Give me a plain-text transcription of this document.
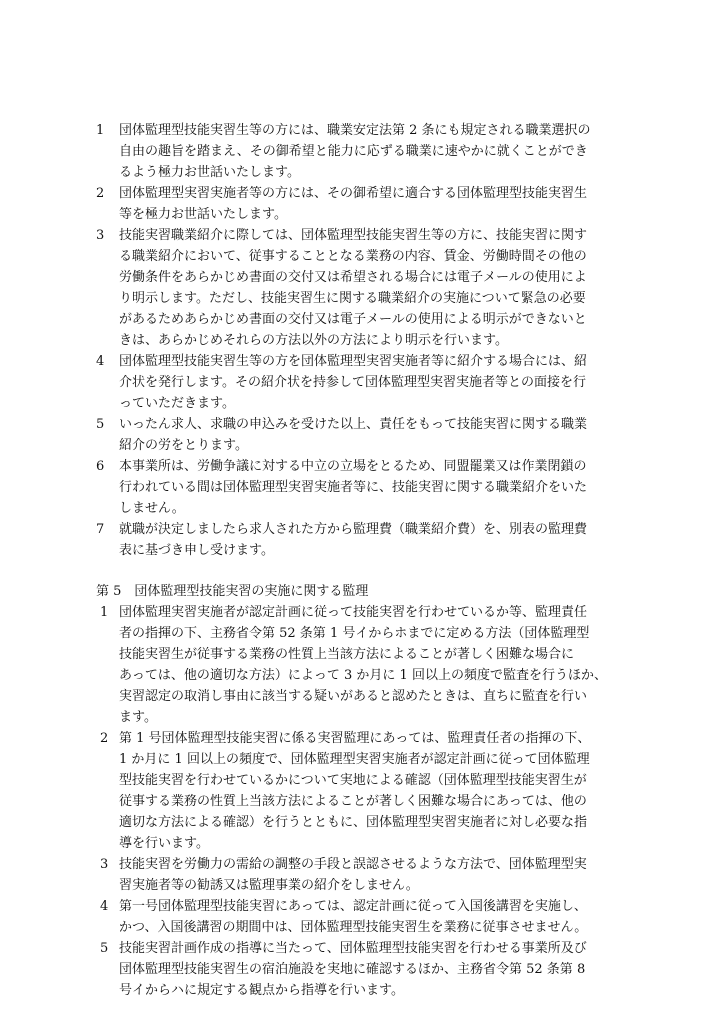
1 団体監理型技能実習生等の方には、職業安定法第 2 条にも規定される職業選択の
自由の趣旨を踏まえ、その御希望と能力に応ずる職業に速やかに就くことができ
るよう極力お世話いたします。
2 団体監理型実習実施者等の方には、その御希望に適合する団体監理型技能実習生
等を極力お世話いたします。
3 技能実習職業紹介に際しては、団体監理型技能実習生等の方に、技能実習に関す
る職業紹介において、従事することとなる業務の内容、賃金、労働時間その他の
労働条件をあらかじめ書面の交付又は希望される場合には電子メールの使用によ
り明示します。ただし、技能実習生に関する職業紹介の実施について緊急の必要
があるためあらかじめ書面の交付又は電子メールの使用による明示ができないと
きは、あらかじめそれらの方法以外の方法により明示を行います。
4 団体監理型技能実習生等の方を団体監理型実習実施者等に紹介する場合には、紹
介状を発行します。その紹介状を持参して団体監理型実習実施者等との面接を行
っていただきます。
5 いったん求人、求職の申込みを受けた以上、責任をもって技能実習に関する職業
紹介の労をとります。
6 本事業所は、労働争議に対する中立の立場をとるため、同盟罷業又は作業閉鎖の
行われている間は団体監理型実習実施者等に、技能実習に関する職業紹介をいた
しません。
7 就職が決定しましたら求人された方から監理費（職業紹介費）を、別表の監理費
表に基づき申し受けます。
第 5　団体監理型技能実習の実施に関する監理
1 団体監理実習実施者が認定計画に従って技能実習を行わせているか等、監理責任
者の指揮の下、主務省令第 52 条第 1 号イからホまでに定める方法（団体監理型
技能実習生が従事する業務の性質上当該方法によることが著しく困難な場合に
あっては、他の適切な方法）によって 3 か月に 1 回以上の頻度で監査を行うほか、
実習認定の取消し事由に該当する疑いがあると認めたときは、直ちに監査を行い
ます。
2 第 1 号団体監理型技能実習に係る実習監理にあっては、監理責任者の指揮の下、
1 か月に 1 回以上の頻度で、団体監理型実習実施者が認定計画に従って団体監理
型技能実習を行わせているかについて実地による確認（団体監理型技能実習生が
従事する業務の性質上当該方法によることが著しく困難な場合にあっては、他の
適切な方法による確認）を行うとともに、団体監理型実習実施者に対し必要な指
導を行います。
3 技能実習を労働力の需給の調整の手段と誤認させるような方法で、団体監理型実
習実施者等の勧誘又は監理事業の紹介をしません。
4 第一号団体監理型技能実習にあっては、認定計画に従って入国後講習を実施し、
かつ、入国後講習の期間中は、団体監理型技能実習生を業務に従事させません。
5 技能実習計画作成の指導に当たって、団体監理型技能実習を行わせる事業所及び
団体監理型技能実習生の宿泊施設を実地に確認するほか、主務省令第 52 条第 8
号イからハに規定する観点から指導を行います。
